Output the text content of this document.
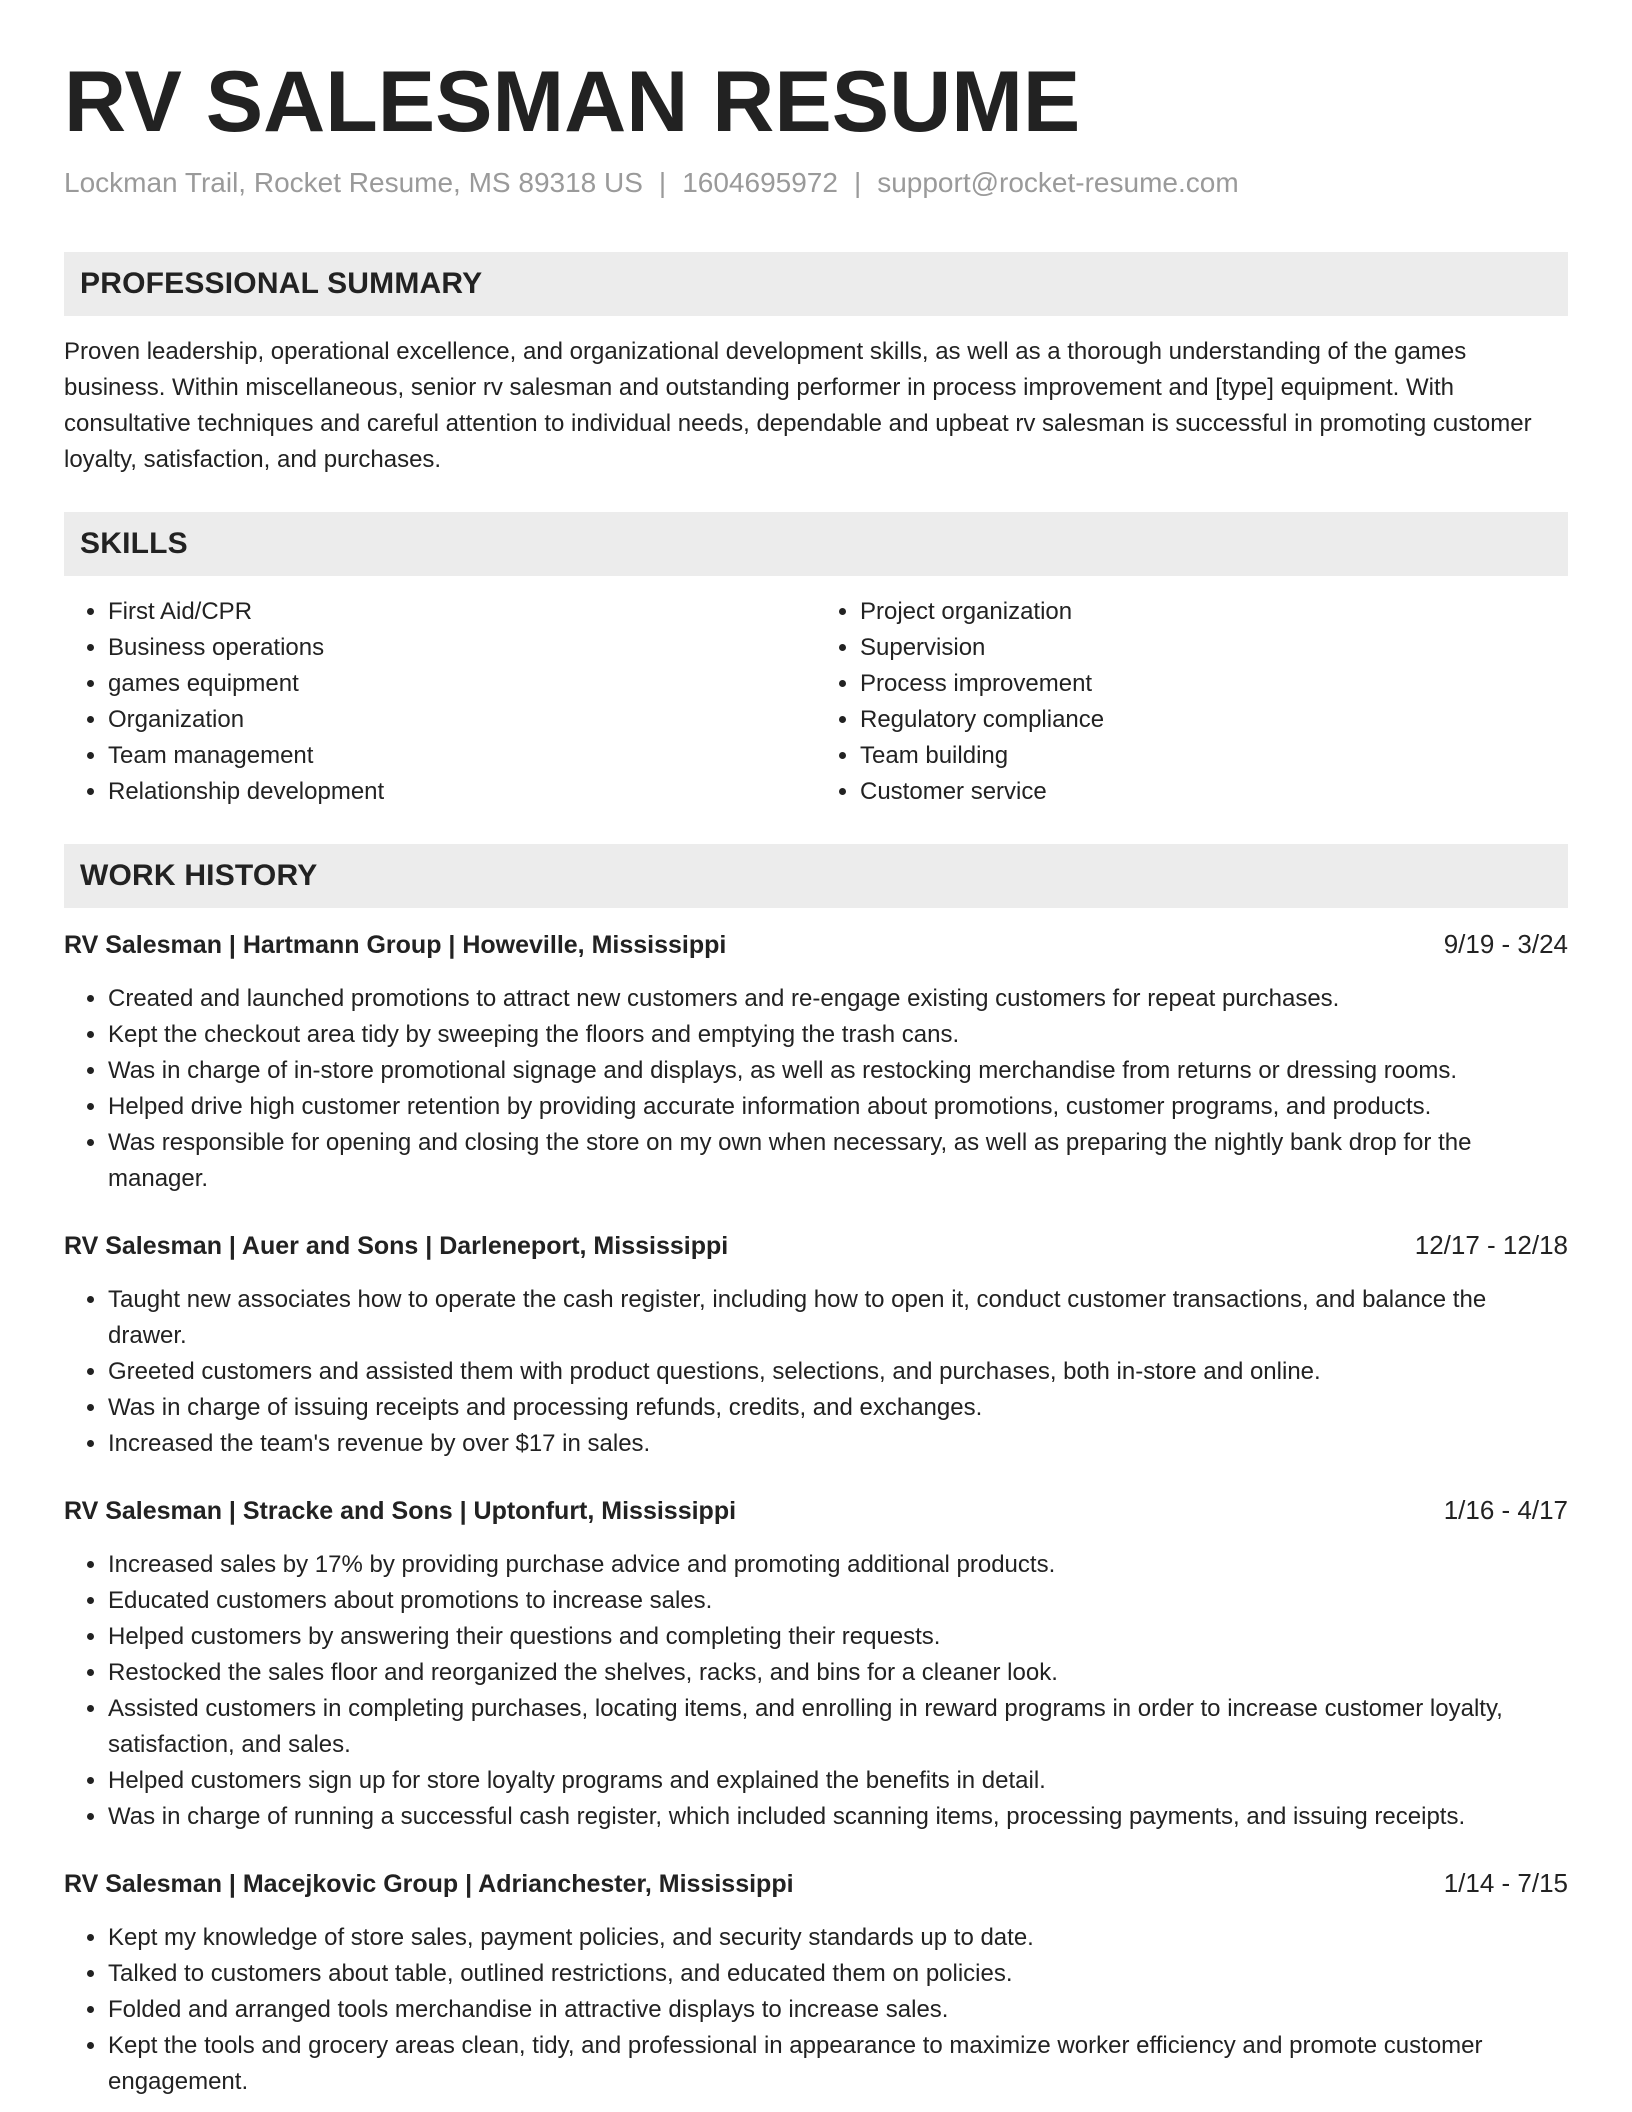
RV SALESMAN RESUME
Lockman Trail, Rocket Resume, MS 89318 US | 1604695972 | support@rocket-resume.com
PROFESSIONAL SUMMARY

Proven leadership, operational excellence, and organizational development skills, as well as a thorough understanding of the games business. Within miscellaneous, senior rv salesman and outstanding performer in process improvement and [type] equipment. With consultative techniques and careful attention to individual needs, dependable and upbeat rv salesman is successful in promoting customer loyalty, satisfaction, and purchases.

SKILLS
• First Aid/CPR
• Business operations
• games equipment
• Organization
• Team management
• Relationship development
• Project organization
• Supervision
• Process improvement
• Regulatory compliance
• Team building
• Customer service
WORK HISTORY
RV Salesman | Hartmann Group | Howeville, Mississippi	9/19 - 3/24
• Created and launched promotions to attract new customers and re-engage existing customers for repeat purchases.
• Kept the checkout area tidy by sweeping the floors and emptying the trash cans.
• Was in charge of in-store promotional signage and displays, as well as restocking merchandise from returns or dressing rooms.
• Helped drive high customer retention by providing accurate information about promotions, customer programs, and products.
• Was responsible for opening and closing the store on my own when necessary, as well as preparing the nightly bank drop for the manager.
RV Salesman | Auer and Sons | Darleneport, Mississippi	12/17 - 12/18
• Taught new associates how to operate the cash register, including how to open it, conduct customer transactions, and balance the drawer.
• Greeted customers and assisted them with product questions, selections, and purchases, both in-store and online.
• Was in charge of issuing receipts and processing refunds, credits, and exchanges.
• Increased the team's revenue by over $17 in sales.
RV Salesman | Stracke and Sons | Uptonfurt, Mississippi	1/16 - 4/17
• Increased sales by 17% by providing purchase advice and promoting additional products.
• Educated customers about promotions to increase sales.
• Helped customers by answering their questions and completing their requests.
• Restocked the sales floor and reorganized the shelves, racks, and bins for a cleaner look.
• Assisted customers in completing purchases, locating items, and enrolling in reward programs in order to increase customer loyalty, satisfaction, and sales.
• Helped customers sign up for store loyalty programs and explained the benefits in detail.
• Was in charge of running a successful cash register, which included scanning items, processing payments, and issuing receipts.
RV Salesman | Macejkovic Group | Adrianchester, Mississippi	1/14 - 7/15
• Kept my knowledge of store sales, payment policies, and security standards up to date.
• Talked to customers about table, outlined restrictions, and educated them on policies.
• Folded and arranged tools merchandise in attractive displays to increase sales.
• Kept the tools and grocery areas clean, tidy, and professional in appearance to maximize worker efficiency and promote customer engagement.
